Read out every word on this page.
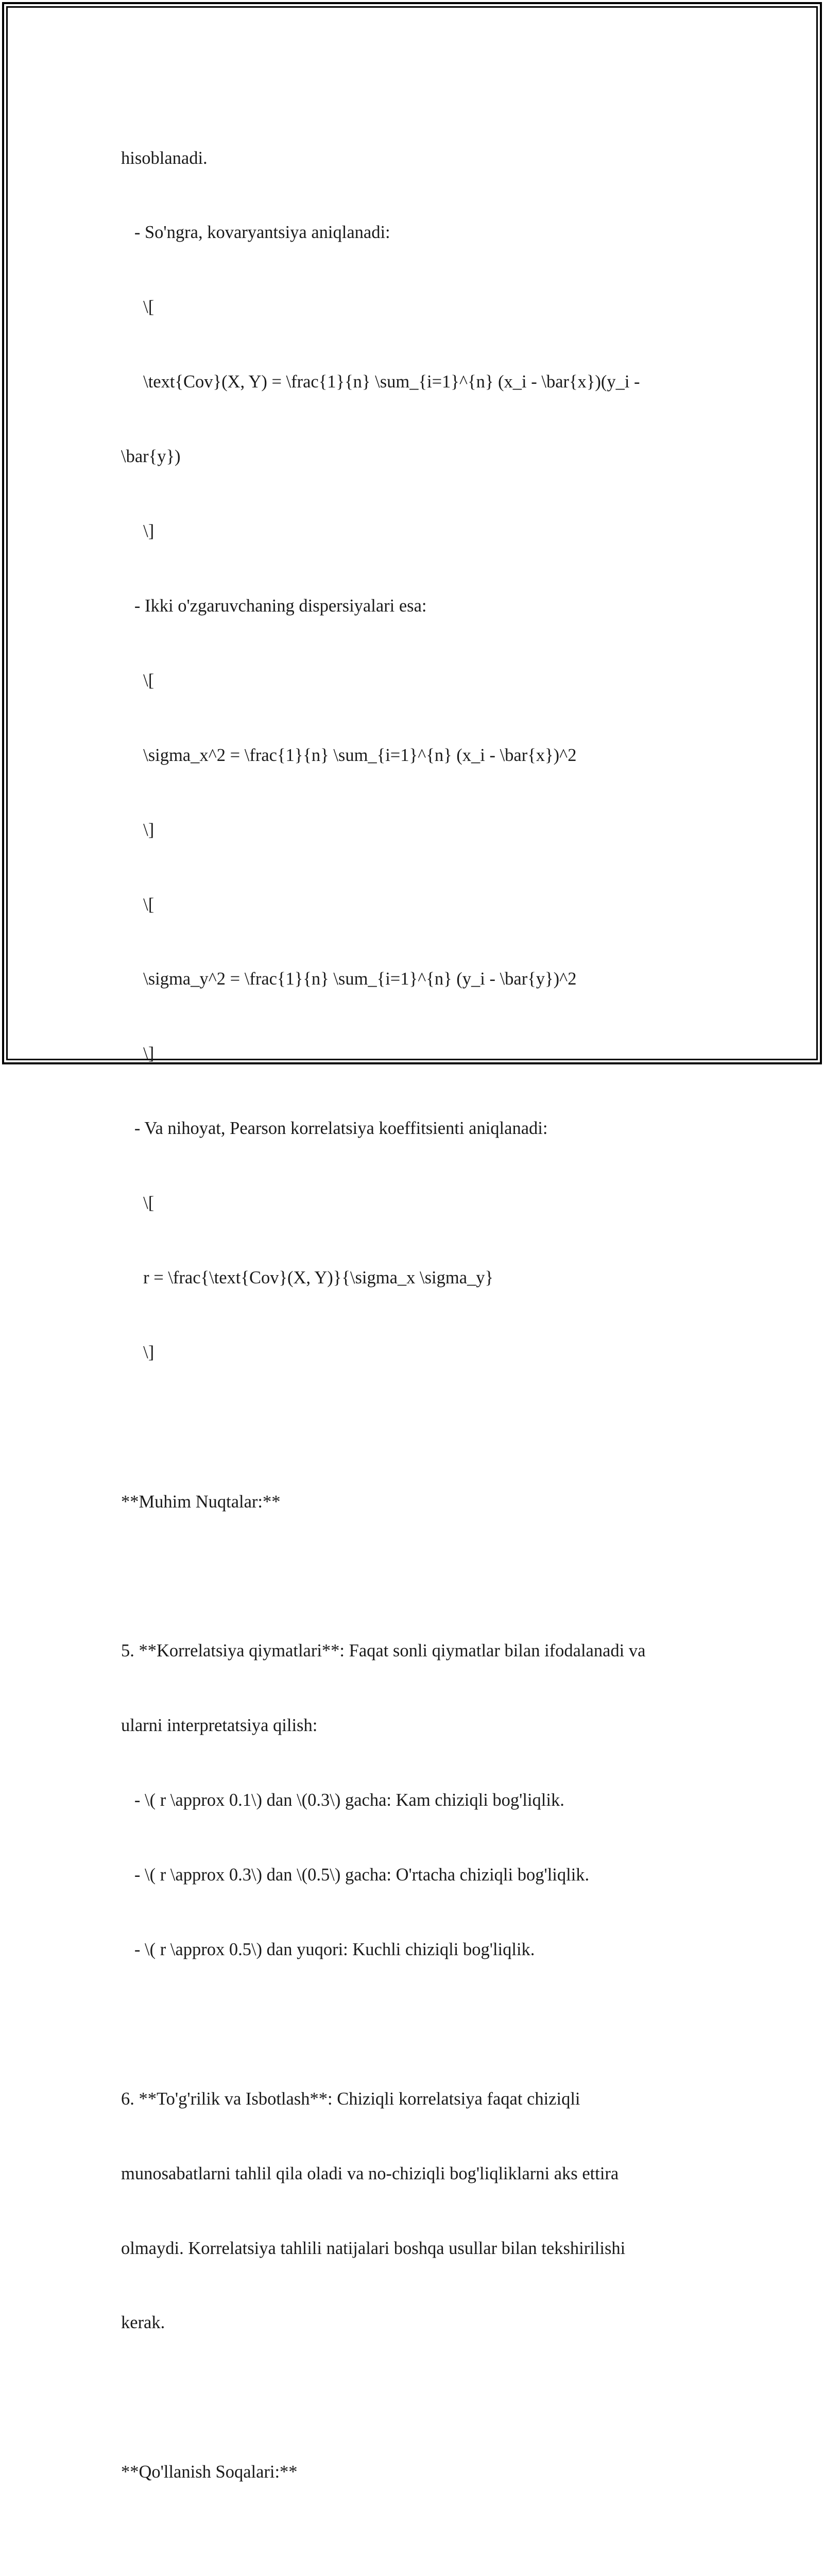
hisoblanadi.

- So'ngra, kovaryantsiya aniqlanadi:

\[

\text{Cov}(X, Y) = \frac{1}{n} \sum_{i=1}^{n} (x_i - \bar{x})(y_i -

\bar{y})

\]

- Ikki o'zgaruvchaning dispersiyalari esa:

\[

\sigma_x^2 = \frac{1}{n} \sum_{i=1}^{n} (x_i - \bar{x})^2

\]

\[

\sigma_y^2 = \frac{1}{n} \sum_{i=1}^{n} (y_i - \bar{y})^2

\]

- Va nihoyat, Pearson korrelatsiya koeffitsienti aniqlanadi:

\[

r = \frac{\text{Cov}(X, Y)}{\sigma_x \sigma_y}

\]

**Muhim Nuqtalar:**

5. **Korrelatsiya qiymatlari**: Faqat sonli qiymatlar bilan ifodalanadi va

ularni interpretatsiya qilish:

- \( r \approx 0.1\) dan \(0.3\) gacha: Kam chiziqli bog'liqlik.

- \( r \approx 0.3\) dan \(0.5\) gacha: O'rtacha chiziqli bog'liqlik.

- \( r \approx 0.5\) dan yuqori: Kuchli chiziqli bog'liqlik.

6. **To'g'rilik va Isbotlash**: Chiziqli korrelatsiya faqat chiziqli

munosabatlarni tahlil qila oladi va no-chiziqli bog'liqliklarni aks ettira

olmaydi. Korrelatsiya tahlili natijalari boshqa usullar bilan tekshirilishi

kerak.

**Qo'llanish Soqalari:**
